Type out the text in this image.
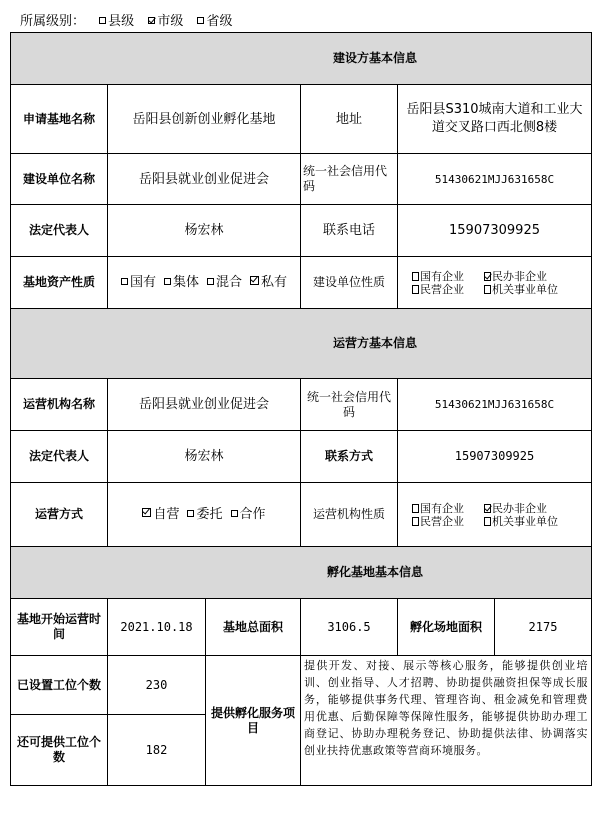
所属级别： 县级 市级 省级
建设方基本信息					
申请基地名称	岳阳县创新创业孵化基地		地址	岳阳县S310城南大道和工业大道交叉路口西北侧8楼	
建设单位名称	岳阳县就业创业促进会		统一社会信用代码	51430621MJJ631658C	
法定代表人	杨宏林		联系电话	15907309925	
基地资产性质	国有 集体 混合 私有		建设单位性质	国有企业 民办非企业
民营企业 机关事业单位	

运营方基本信息					
运营机构名称	岳阳县就业创业促进会		统一社会信用代码	51430621MJJ631658C	
法定代表人	杨宏林		联系方式	15907309925	
运营方式	自营 委托 合作		运营机构性质	国有企业 民办非企业
民营企业 机关事业单位	

孵化基地基本信息					
基地开始运营时间	2021.10.18	基地总面积	3106.5	孵化场地面积	2175
已设置工位个数	230	提供孵化服务项目	提供开发、对接、展示等核心服务，能够提供创业培训、创业指导、人才招聘、协助提供融资担保等成长服务，能够提供事务代理、管理咨询、租金减免和管理费用优惠、后勤保障等保障性服务，能够提供协助办理工商登记、协助办理税务登记、协助提供法律、协调落实创业扶持优惠政策等营商环境服务。		
还可提供工位个数	182				
